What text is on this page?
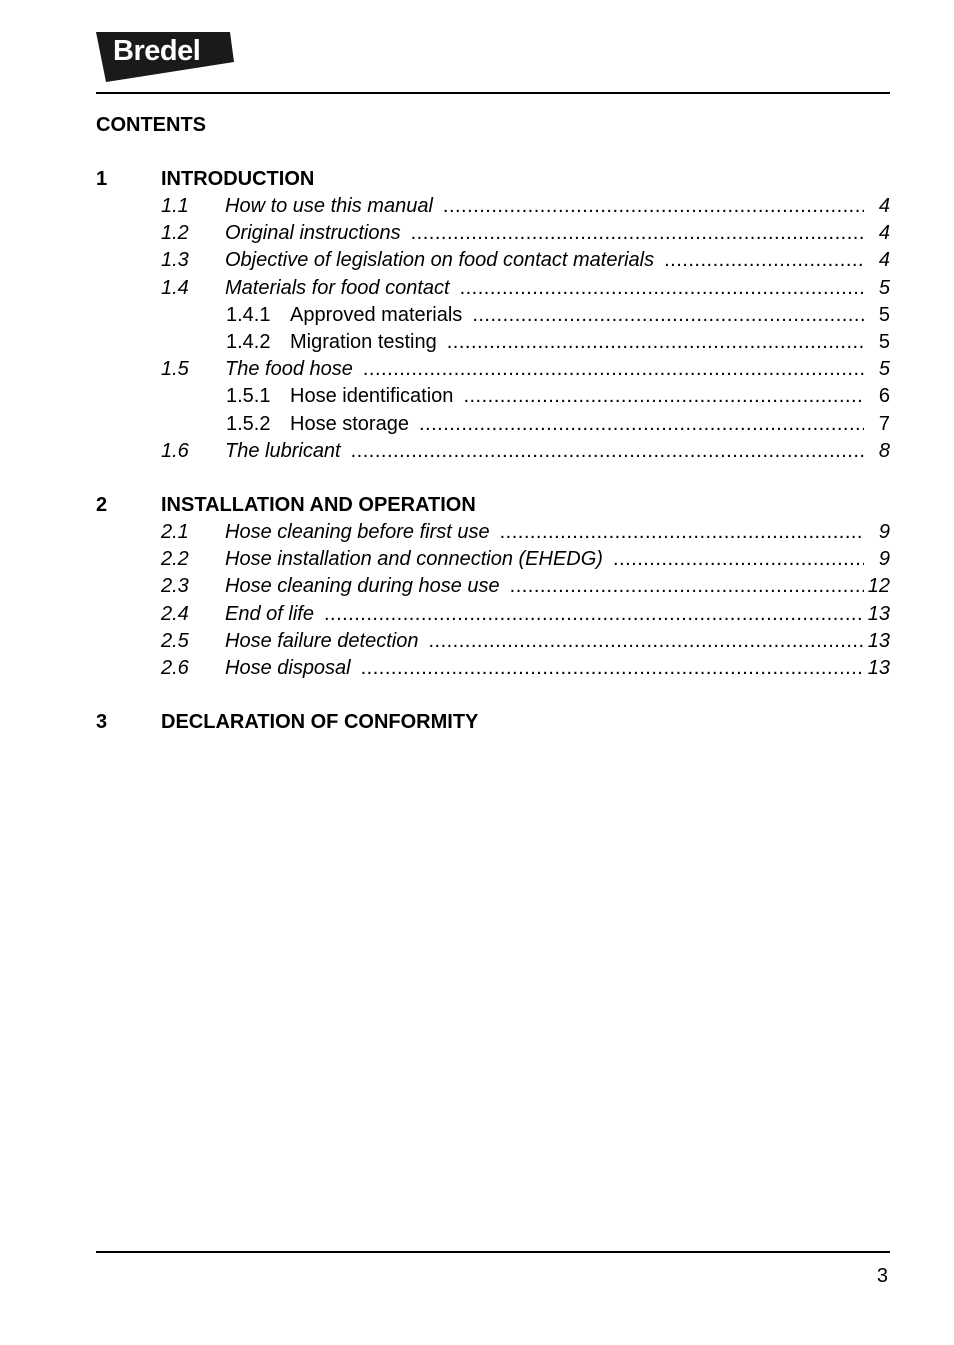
Bredel
CONTENTS
1	INTRODUCTION
1.1	How to use this manual .....	4
1.2	Original instructions .....	4
1.3	Objective of legislation on food contact materials .....	4
1.4	Materials for food contact .....	5
1.4.1 Approved materials .....	5
1.4.2 Migration testing .....	5
1.5	The food hose .....	5
1.5.1 Hose identification .....	6
1.5.2 Hose storage .....	7
1.6	The lubricant .....	8
2	INSTALLATION AND OPERATION
2.1	Hose cleaning before first use .....	9
2.2	Hose installation and connection (EHEDG) .....	9
2.3	Hose cleaning during hose use .....	12
2.4	End of life .....	13
2.5	Hose failure detection .....	13
2.6	Hose disposal .....	13
3	DECLARATION OF CONFORMITY
3
